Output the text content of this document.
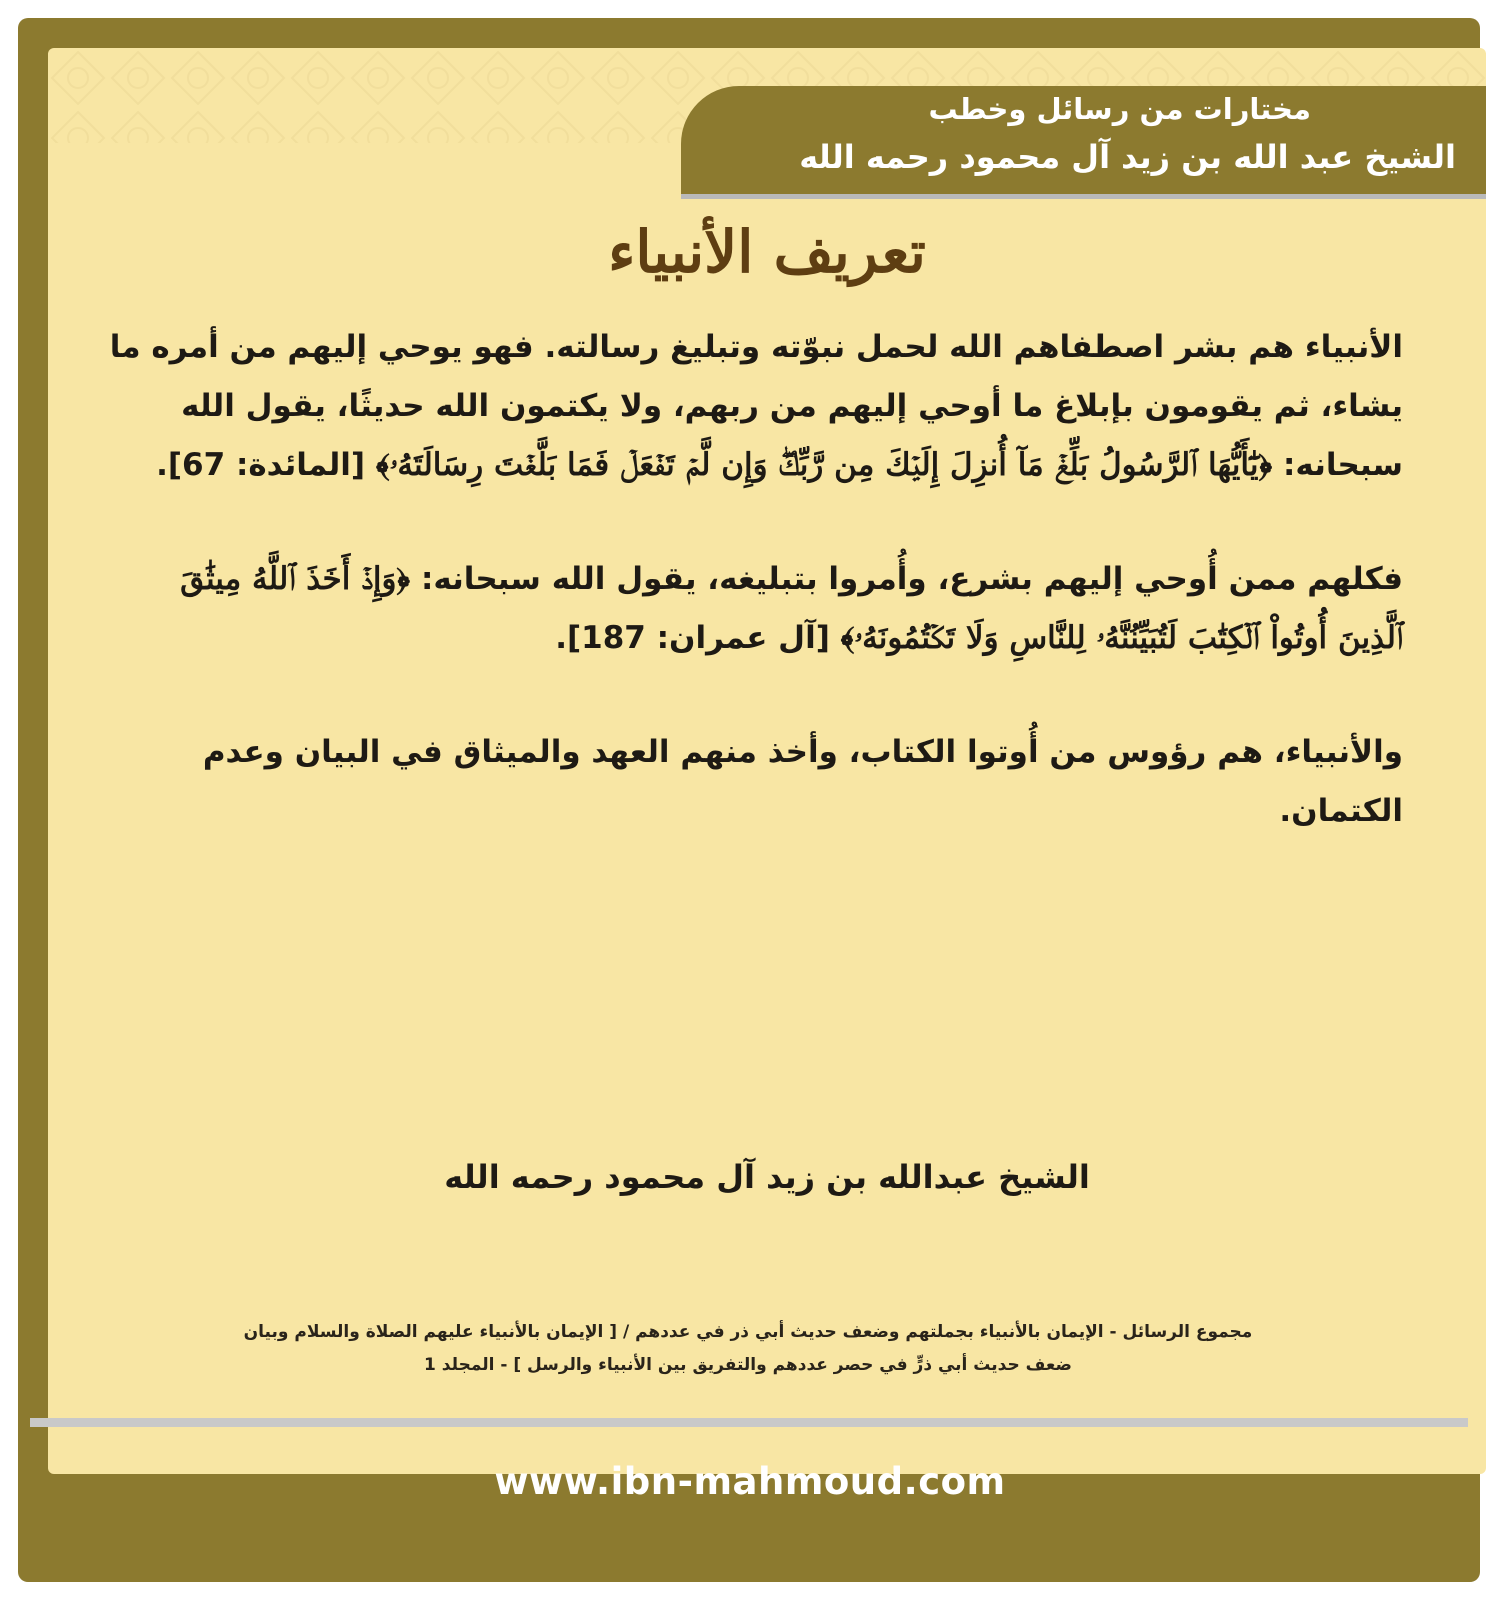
مختارات من رسائل وخطب
الشيخ عبد الله بن زيد آل محمود رحمه الله
تعريف الأنبياء

الأنبياء هم بشر اصطفاهم الله لحمل نبوّته وتبليغ رسالته. فهو يوحي إليهم من أمره ما يشاء، ثم يقومون بإبلاغ ما أوحي إليهم من ربهم، ولا يكتمون الله حديثًا، يقول الله سبحانه: ﴿يَٰٓأَيُّهَا ٱلرَّسُولُ بَلِّغۡ مَآ أُنزِلَ إِلَيۡكَ مِن رَّبِّكَۖ وَإِن لَّمۡ تَفۡعَلۡ فَمَا بَلَّغۡتَ رِسَالَتَهُۥ﴾ [المائدة: 67].

فكلهم ممن أُوحي إليهم بشرع، وأُمروا بتبليغه، يقول الله سبحانه: ﴿وَإِذۡ أَخَذَ ٱللَّهُ مِيثَٰقَ ٱلَّذِينَ أُوتُواْ ٱلۡكِتَٰبَ لَتُبَيِّنُنَّهُۥ لِلنَّاسِ وَلَا تَكۡتُمُونَهُۥ﴾ [آل عمران: 187].

والأنبياء، هم رؤوس من أُوتوا الكتاب، وأخذ منهم العهد والميثاق في البيان وعدم الكتمان.

الشيخ عبدالله بن زيد آل محمود رحمه الله
مجموع الرسائل - الإيمان بالأنبياء بجملتهم وضعف حديث أبي ذر في عددهم / [ الإيمان بالأنبياء عليهم الصلاة والسلام وبيان
ضعف حديث أبي ذرٍّ في حصر عددهم والتفريق بين الأنبياء والرسل ] - المجلد 1
www.ibn-mahmoud.com
